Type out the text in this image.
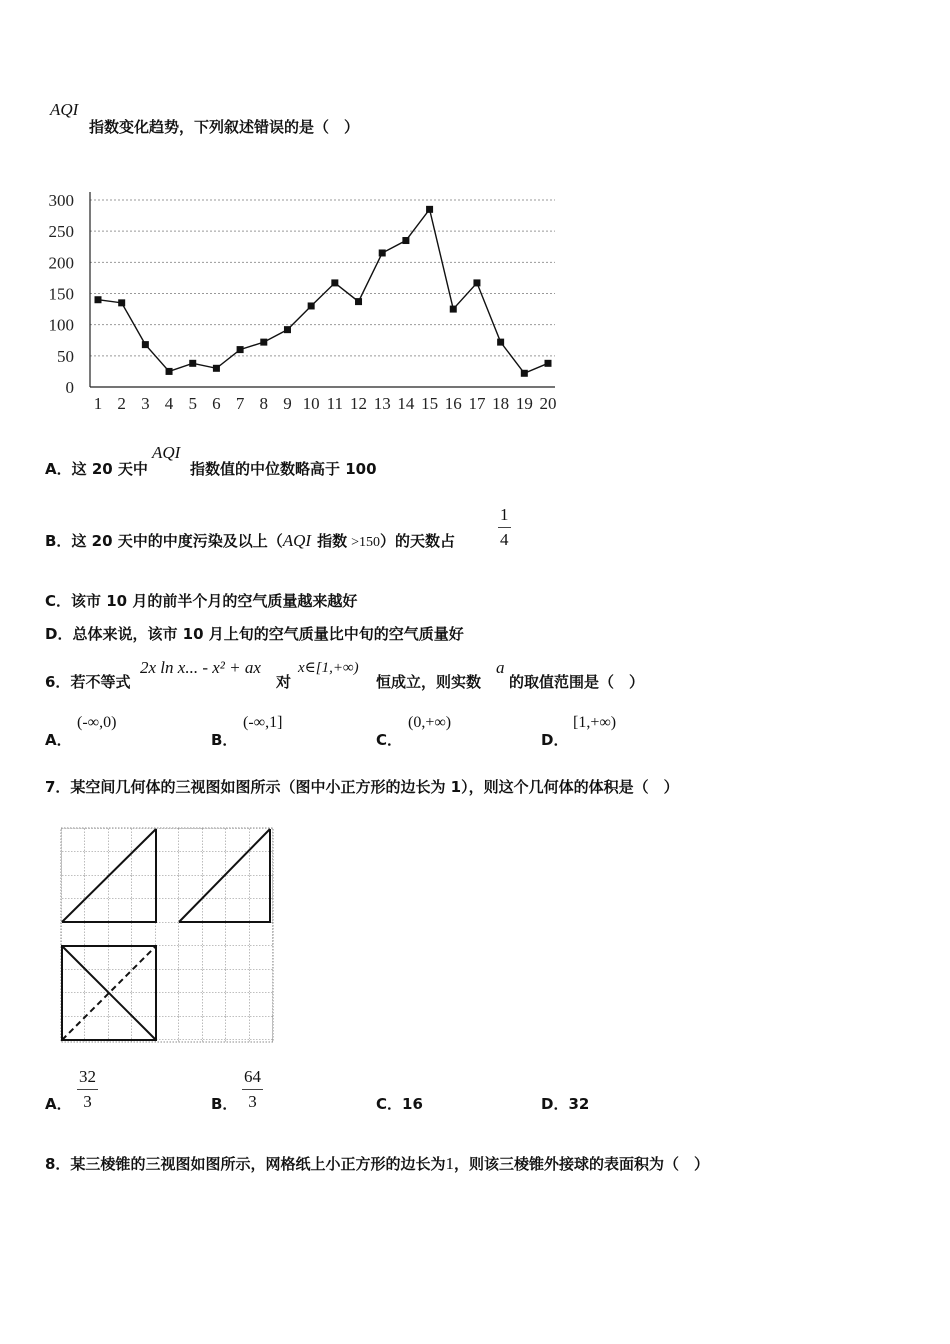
AQI
指数变化趋势，下列叙述错误的是（　）
0
50
100
150
200
250
300
1 2 3 4 5 6 7 8 9 10 11 12 13 14 15 16 17 18 19 20
A．这 20 天中
AQI
指数值的中位数略高于 100
B．这 20 天中的中度污染及以上（AQI 指数 >150）的天数占
1
4
C．该市 10 月的前半个月的空气质量越来越好
D．总体来说，该市 10 月上旬的空气质量比中旬的空气质量好
6．若不等式
2x ln x... - x² + ax
对
x∈[1,+∞)
恒成立，则实数
a
的取值范围是（　）
A．
(-∞,0)
B．
(-∞,1]
C．
(0,+∞)
D．
[1,+∞)
7．某空间几何体的三视图如图所示（图中小正方形的边长为 1），则这个几何体的体积是（　）
A．
32
3	B．
64
3	C．16	D．32
8．某三棱锥的三视图如图所示，网格纸上小正方形的边长为1，则该三棱锥外接球的表面积为（　）
